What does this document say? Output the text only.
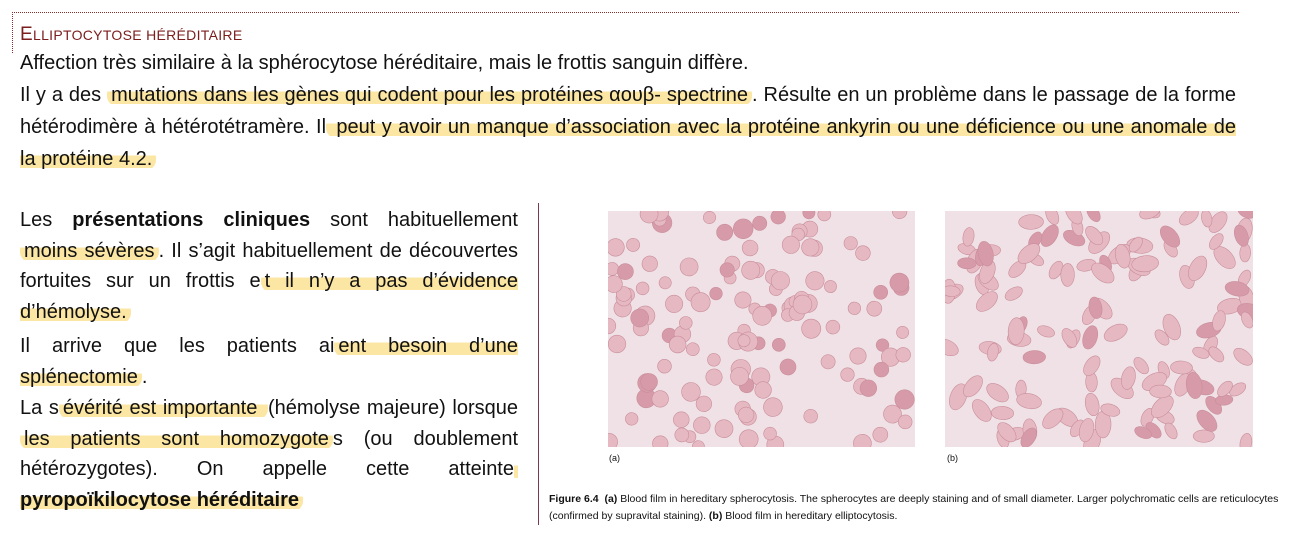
ELLIPTOCYTOSE HÉRÉDITAIRE

Affection très similaire à la sphérocytose héréditaire, mais le frottis sanguin diffère.

Il y a des mutations dans les gènes qui codent pour les protéines αουβ- spectrine . Résulte en un problème dans le passage de la forme hétérodimère à hétérotétramère. Il peut y avoir un manque d’association avec la protéine ankyrin ou une déficience ou une anomale de la protéine 4.2.

Les présentations cliniques sont habituellement moins sévères . Il s’agit habituellement de découvertes fortuites sur un frottis e t il n’y a pas d’évidence d’hémolyse.

Il arrive que les patients ai ent besoin d’une splénectomie .

La s évérité est importante (hémolyse majeure) lorsque les patients sont homozygote s (ou doublement hétérozygotes). On appelle cette atteinte pyropoïkilocytose héréditaire

(a)	(b)

Figure 6.4 (a) Blood film in hereditary spherocytosis. The spherocytes are deeply staining and of small diameter. Larger polychromatic cells are reticulocytes (confirmed by supravital staining). (b) Blood film in hereditary elliptocytosis.
